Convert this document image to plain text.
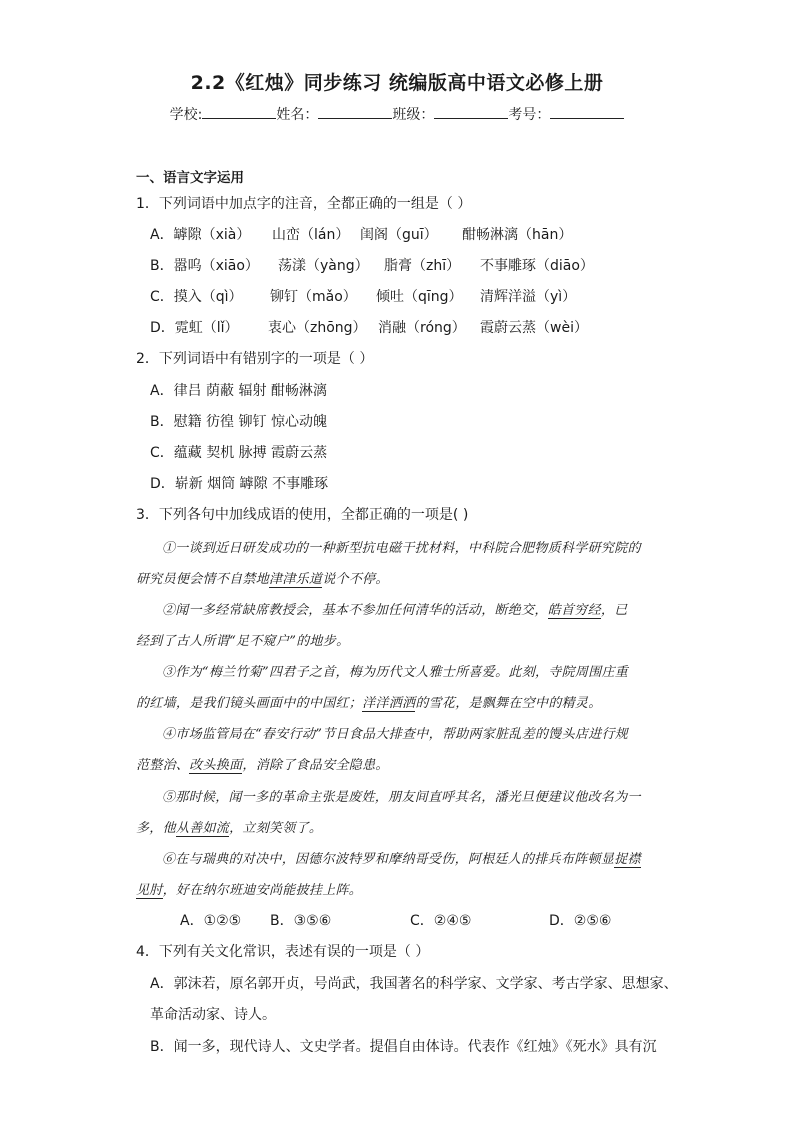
2.2《红烛》同步练习 统编版高中语文必修上册
学校:	姓名：	班级：	考号：
一、语言文字运用
1．下列词语中加点字的注音，全都正确的一组是（ ）
A．罅隙（xià） 山峦（lán） 闺阁（guī） 酣畅淋漓（hān）
B．嚣呜（xiāo） 荡漾（yàng） 脂膏（zhī） 不事雕琢（diāo）
C．摸入（qì） 铆钉（mǎo） 倾吐（qīng） 清辉洋溢（yì）
D．霓虹（lǐ） 衷心（zhōng） 消融（róng） 霞蔚云蒸（wèi）
2．下列词语中有错别字的一项是（ ）
A．律吕 荫蔽 辐射 酣畅淋漓
B．慰籍 彷徨 铆钉 惊心动魄
C．蕴藏 契机 脉搏 霞蔚云蒸
D．崭新 烟筒 罅隙 不事雕琢
3．下列各句中加线成语的使用，全都正确的一项是( )
①一谈到近日研发成功的一种新型抗电磁干扰材料，中科院合肥物质科学研究院的
研究员便会情不自禁地津津乐道说个不停。
②闻一多经常缺席教授会，基本不参加任何清华的活动，断绝交，皓首穷经，已
经到了古人所谓“足不窥户”的地步。
③作为“梅兰竹菊”四君子之首，梅为历代文人雅士所喜爱。此刻，寺院周围庄重
的红墙，是我们镜头画面中的中国红；洋洋洒洒的雪花，是飘舞在空中的精灵。
④市场监管局在“春安行动”节日食品大排查中，帮助两家脏乱差的馒头店进行规
范整治、改头换面，消除了食品安全隐患。
⑤那时候，闻一多的革命主张是废姓，朋友间直呼其名，潘光旦便建议他改名为一
多，他从善如流，立刻笑领了。
⑥在与瑞典的对决中，因德尔波特罗和摩纳哥受伤，阿根廷人的排兵布阵顿显捉襟
见肘，好在纳尔班迪安尚能披挂上阵。
A．①②⑤ B．③⑤⑥	C．②④⑤	D．②⑤⑥
4．下列有关文化常识，表述有误的一项是（ ）
A．郭沫若，原名郭开贞，号尚武，我国著名的科学家、文学家、考古学家、思想家、
革命活动家、诗人。
B．闻一多，现代诗人、文史学者。提倡自由体诗。代表作《红烛》《死水》具有沉
